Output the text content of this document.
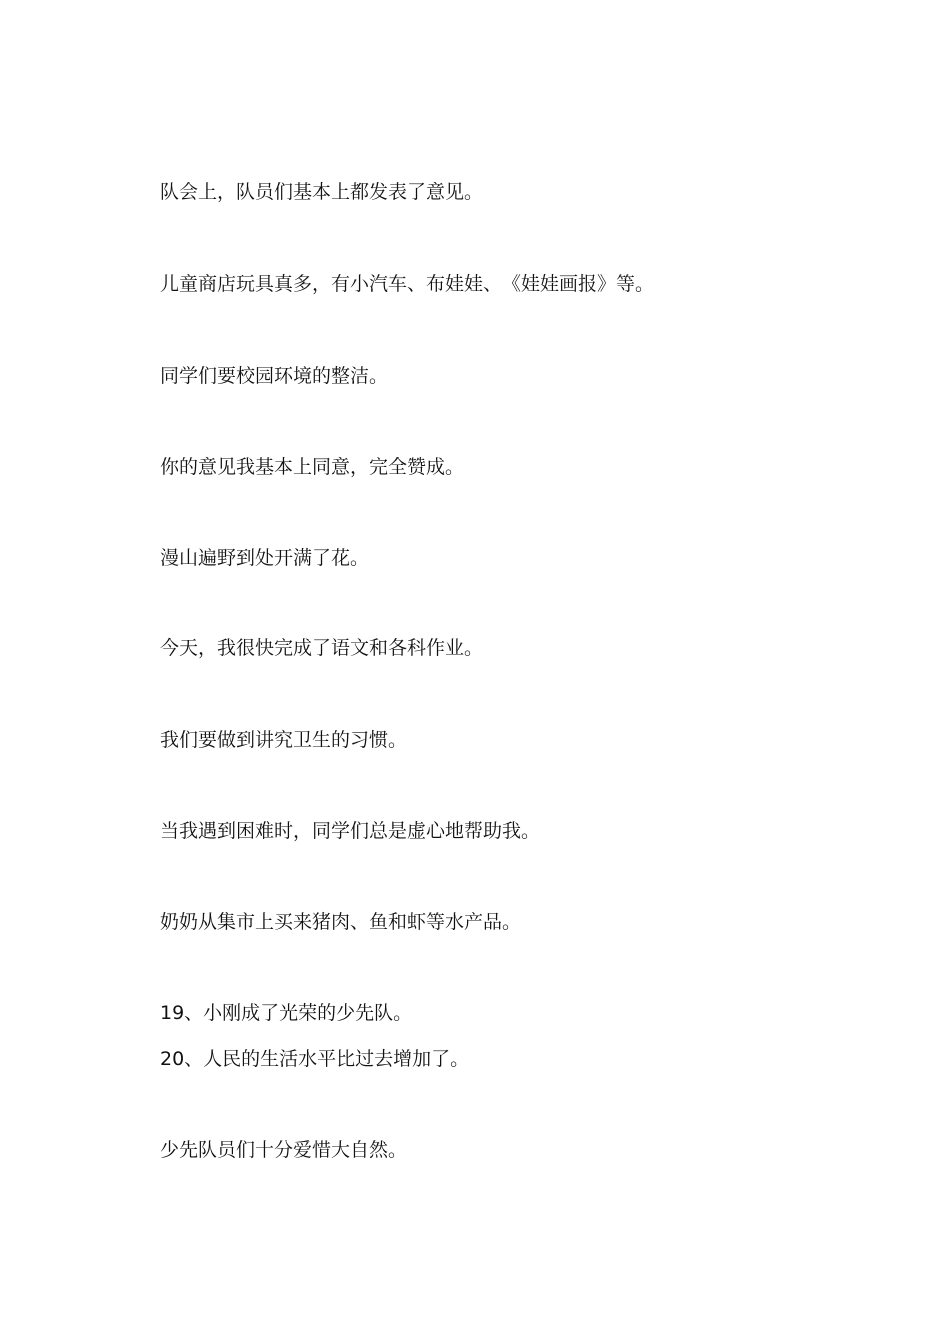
队会上，队员们基本上都发表了意见。
儿童商店玩具真多，有小汽车、布娃娃、　《娃娃画报》等。
同学们要校园环境的整洁。
你的意见我基本上同意，完全赞成。
漫山遍野到处开满了花。
今天，我很快完成了语文和各科作业。
我们要做到讲究卫生的习惯。
当我遇到困难时，同学们总是虚心地帮助我。
奶奶从集市上买来猪肉、鱼和虾等水产品。
19、小刚成了光荣的少先队。
20、人民的生活水平比过去增加了。
少先队员们十分爱惜大自然。
